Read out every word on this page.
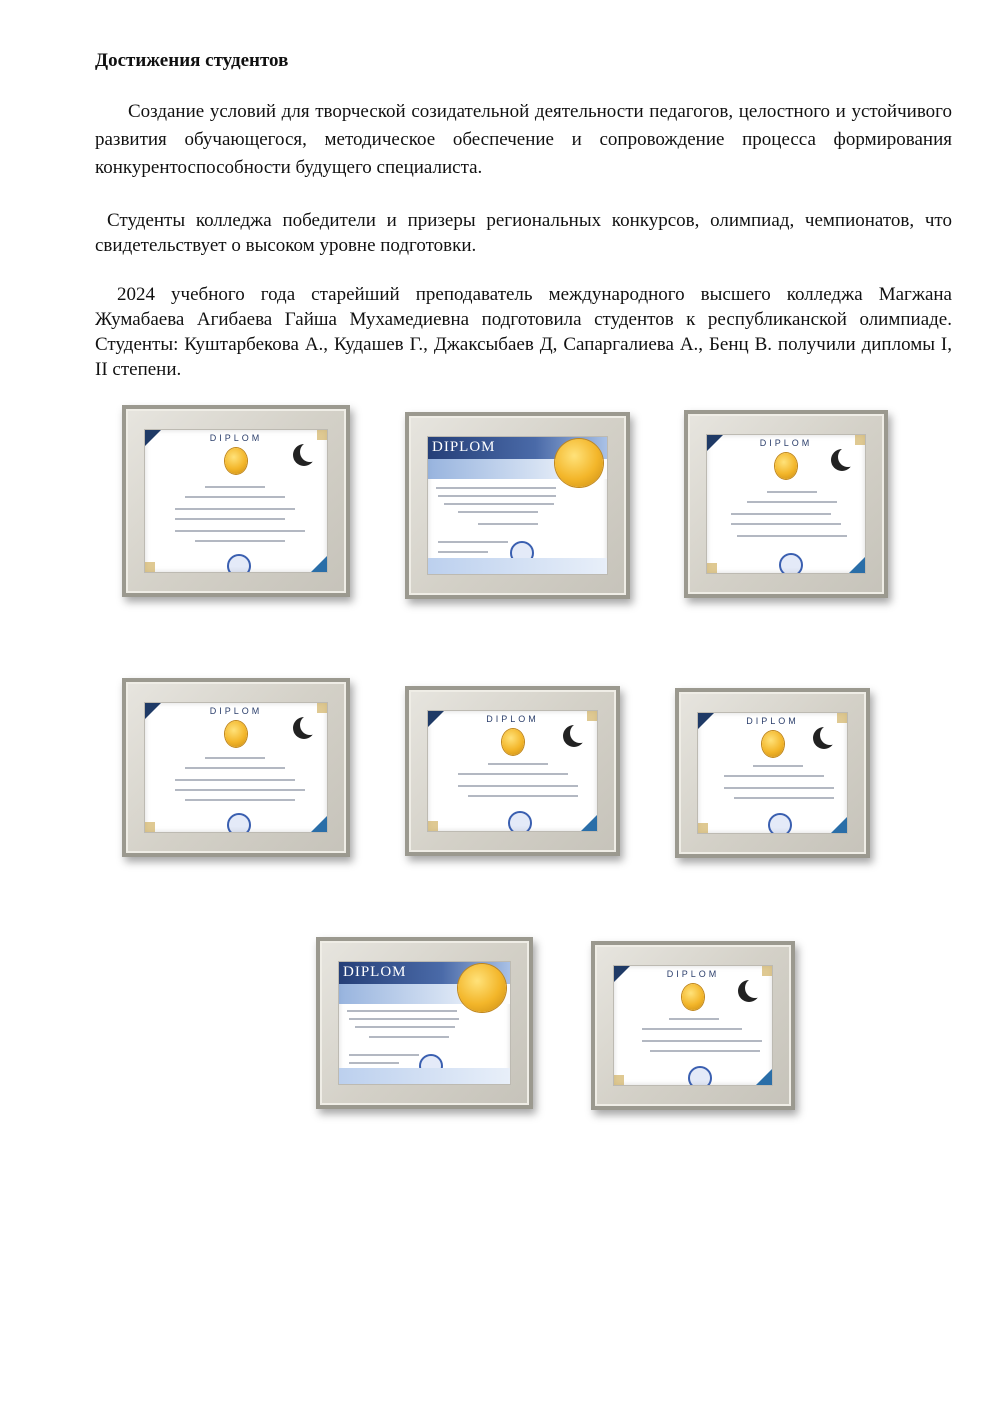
Достижения студентов

Создание условий для творческой созидательной деятельности педагогов, целостного и устойчивого развития обучающегося, методическое обеспечение и сопровождение процесса формирования конкурентоспособности будущего специалиста.

Студенты колледжа победители и призеры региональных конкурсов, олимпиад, чемпионатов, что свидетельствует о высоком уровне подготовки.

2024 учебного года старейший преподаватель международного высшего колледжа Магжана Жумабаева Агибаева Гайша Мухамедиевна подготовила студентов к республиканской олимпиаде. Студенты: Куштарбекова А., Кудашев Г., Джаксыбаев Д, Сапаргалиева А., Бенц В. получили дипломы I, II степени.

DIPLOM
DIPLOM	DIPLOM
DIPLOM
DIPLOM	DIPLOM
DIPLOM	DIPLOM
